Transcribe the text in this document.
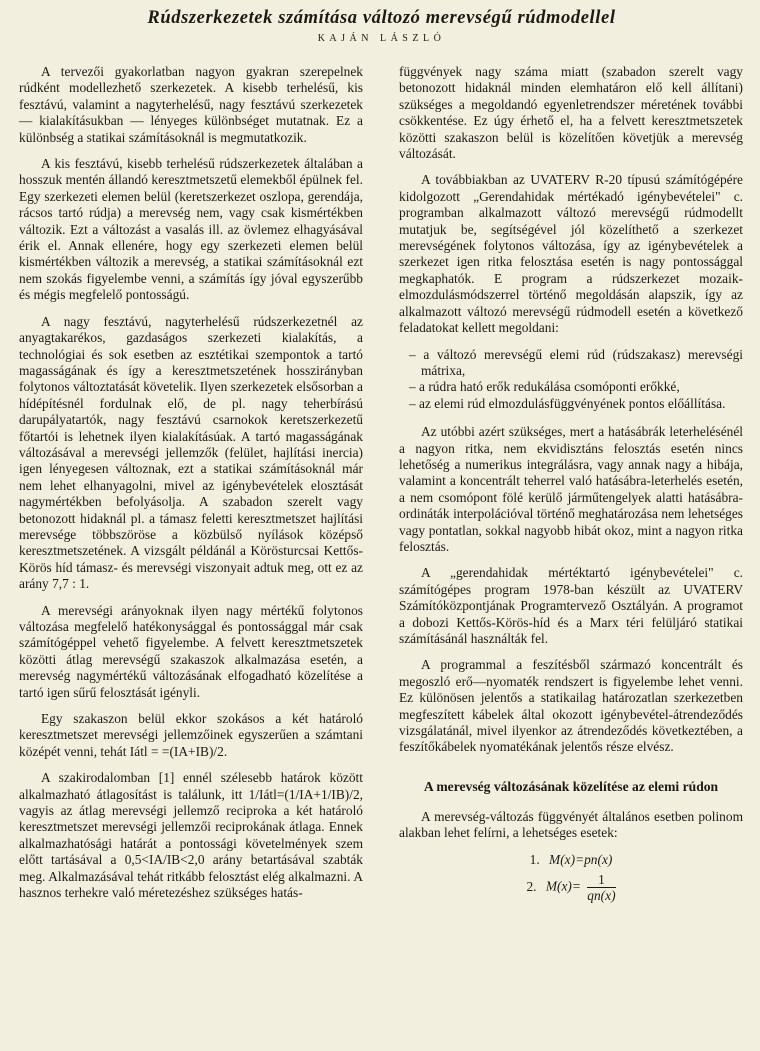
Rúdszerkezetek számítása változó merevségű rúdmodellel
KAJÁN LÁSZLÓ

A tervezői gyakorlatban nagyon gyakran szerepelnek rúdként modellezhető szerkezetek. A kisebb terhelésű, kis fesztávú, valamint a nagyterhelésű, nagy fesztávú szerkezetek — kialakításukban — lényeges különbséget mutatnak. Ez a különbség a statikai számításoknál is megmutatkozik.

A kis fesztávú, kisebb terhelésű rúdszerkezetek általában a hosszuk mentén állandó keresztmetszetű elemekből épülnek fel. Egy szerkezeti elemen belül (keretszerkezet oszlopa, gerendája, rácsos tartó rúdja) a merevség nem, vagy csak kismértékben változik. Ezt a változást a vasalás ill. az övlemez elhagyásával érik el. Annak ellenére, hogy egy szerkezeti elemen belül kismértékben változik a merevség, a statikai számításoknál ezt nem szokás figyelembe venni, a számítás így jóval egyszerűbb és mégis megfelelő pontosságú.

A nagy fesztávú, nagyterhelésű rúdszerkezetnél az anyagtakarékos, gazdaságos szerkezeti kialakítás, a technológiai és sok esetben az esztétikai szempontok a tartó magasságának és így a keresztmetszetének hosszirányban folytonos változtatását követelik. Ilyen szerkezetek elsősorban a hídépítésnél fordulnak elő, de pl. nagy teherbírású darupályatartók, nagy fesztávú csarnokok keretszerkezetű főtartói is lehetnek ilyen kialakításúak. A tartó magasságának változásával a merevségi jellemzők (felület, hajlítási inercia) igen lényegesen változnak, ezt a statikai számításoknál már nem lehet elhanyagolni, mivel az igénybevételek elosztását nagymértékben befolyásolja. A szabadon szerelt vagy betonozott hidaknál pl. a támasz feletti keresztmetszet hajlítási merevsége többszöröse a közbülső nyílások középső keresztmetszetének. A vizsgált példánál a Körösturcsai Kettős-Körös híd támasz- és merevségi viszonyait adtuk meg, ott ez az arány 7,7 : 1.

A merevségi arányoknak ilyen nagy mértékű folytonos változása megfelelő hatékonysággal és pontossággal már csak számítógéppel vehető figyelembe. A felvett keresztmetszetek közötti átlag merevségű szakaszok alkalmazása esetén, a merevség nagymértékű változásának elfogadható közelítése a tartó igen sűrű felosztását igényli.

Egy szakaszon belül ekkor szokásos a két határoló keresztmetszet merevségi jellemzőinek egyszerűen a számtani középét venni, tehát Iátl = =(IA+IB)/2.

A szakirodalomban [1] ennél szélesebb határok között alkalmazható átlagosítást is találunk, itt 1/Iátl=(1/IA+1/IB)/2, vagyis az átlag merevségi jellemző reciproka a két határoló keresztmetszet merevségi jellemzői reciprokának átlaga. Ennek alkalmazhatósági határát a pontossági követelmények szem előtt tartásával a 0,5<IA/IB<2,0 arány betartásával szabták meg. Alkalmazásával tehát ritkább felosztást elég alkalmazni. A hasznos terhekre való méretezéshez szükséges hatás-

függvények nagy száma miatt (szabadon szerelt vagy betonozott hidaknál minden elemhatáron elő kell állítani) szükséges a megoldandó egyenletrendszer méretének további csökkentése. Ez úgy érhető el, ha a felvett keresztmetszetek közötti szakaszon belül is közelítően követjük a merevség változását.

A továbbiakban az UVATERV R-20 típusú számítógépére kidolgozott „Gerendahidak mértékadó igénybevételei" c. programban alkalmazott változó merevségű rúdmodellt mutatjuk be, segítségével jól közelíthető a szerkezet merevségének folytonos változása, így az igénybevételek a szerkezet igen ritka felosztása esetén is nagy pontossággal megkaphatók. E program a rúdszerkezet mozaik-elmozdulásmódszerrel történő megoldásán alapszik, így az alkalmazott változó merevségű rúdmodell esetén a következő feladatokat kellett megoldani:

– a változó merevségű elemi rúd (rúdszakasz) merevségi mátrixa,
– a rúdra ható erők redukálása csomóponti erőkké,
– az elemi rúd elmozdulásfüggvényének pontos előállítása.

Az utóbbi azért szükséges, mert a hatásábrák leterhelésénél a nagyon ritka, nem ekvidisztáns felosztás esetén nincs lehetőség a numerikus integrálásra, vagy annak nagy a hibája, valamint a koncentrált teherrel való hatásábra-leterhelés esetén, a nem csomópont fölé kerülő járműtengelyek alatti hatásábra-ordináták interpolációval történő meghatározása nem lehetséges vagy pontatlan, sokkal nagyobb hibát okoz, mint a nagyon ritka felosztás.

A „gerendahidak mértéktartó igénybevételei" c. számítógépes program 1978-ban készült az UVATERV Számítóközpontjának Programtervező Osztályán. A programot a dobozi Kettős-Körös-híd és a Marx téri felüljáró statikai számításánál használták fel.

A programmal a feszítésből származó koncentrált és megoszló erő—nyomaték rendszert is figyelembe lehet venni. Ez különösen jelentős a statikailag határozatlan szerkezetben megfeszített kábelek által okozott igénybevétel-átrendeződés vizsgálatánál, mivel ilyenkor az átrendeződés következtében, a feszítőkábelek nyomatékának jelentős része elvész.

A merevség változásának közelítése az elemi rúdon

A merevség-változás függvényét általános esetben polinom alakban lehet felírni, a lehetséges esetek:

1. M(x)=pn(x)
2. $M(x)= \frac{1}{qn(x)}$
